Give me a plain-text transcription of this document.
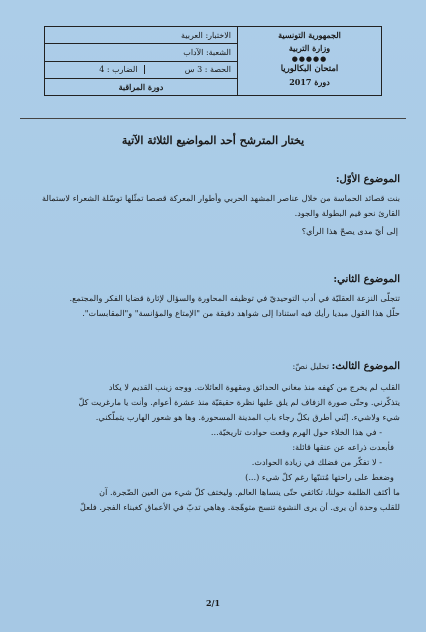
الاختبار: العربية
الشعبة: الآداب
الحصة : 3 س
الضارب : 4
دورة المراقبة
الجمهورية التونسية
وزارة التربية
●●●●●
امتحان البكالوريا
دورة 2017
يختار المترشح أحد المواضيع الثلاثة الآتية
الموضوع الأوّل:
بنت قصائد الحماسة من خلال عناصر المشهد الحربي وأطوار المعركة قصصا تمثّلها توسّلة الشعراء لاستمالة
القارئ نحو قيم البطولة والجود.
إلى أيّ مدى يصحّ هذا الرأي؟
الموضوع الثاني:
تتجلّى النزعة العقليّة في أدب التوحيديّ في توظيفه المحاورة والسؤال لإثارة قضايا الفكر والمجتمع.
حلّل هذا القول مبديا رأيك فيه استنادا إلى شواهد دقيقة من "الإمتاع والمؤانسة" و"المقابسات".
الموضوع الثالث: تحليل نصّ:
القلب لم يخرج من كهفه منذ مغاني الحدائق ومقهوة العائلات. ووجه زينب القديم لا يكاد
يتذكّرني. وحتّى صورة الزفاف لم يلق عليها نظرة حقيقيّة منذ عشرة أعوام. وأنت يا مارغريت كلّ
شيء ولاشيء. إنّني أطرق بكلّ رجاء باب المدينة المسحورة. وها هو شعور الهارب يتملّكني.
- في هذا الخلاء حول الهرم وقعت حوادث تاريخيّة...
فأبعدت ذراعه عن عنقها قائلة:
- لا تفكّر من فضلك في زيادة الحوادث.
وضغط على راحتها مُتنبّها رغم كلّ شيء (...)
ما أكثف الظلمة حولنا، تكاثفي حتّى ينساها العالم. وليختف كلّ شيء من العين الضّجرة. آن
للقلب وحدة أن يرى. أن يرى النشوة تنسج متوهّجة. وهاهي تدبّ في الأعماق كغبناء الفجر. فلعلّ
2/1
